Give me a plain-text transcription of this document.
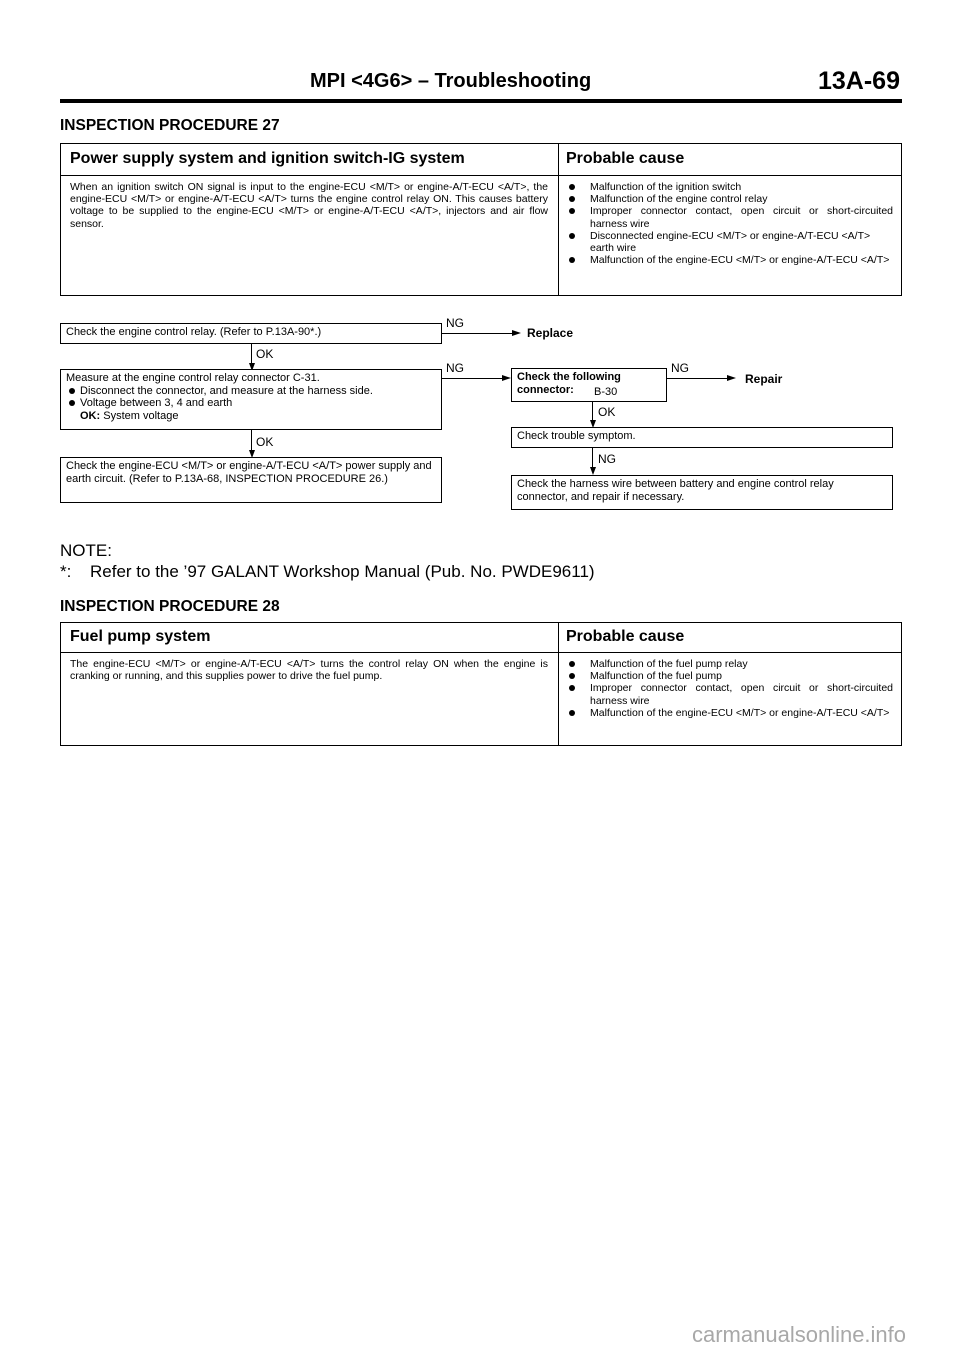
MPI <4G6> – Troubleshooting	13A-69
INSPECTION PROCEDURE 27
Power supply system and ignition switch-IG system	Probable cause
When an ignition switch ON signal is input to the engine-ECU <M/T> or engine-A/T-ECU <A/T>, the engine-ECU <M/T> or engine-A/T-ECU <A/T> turns the engine control relay ON. This causes battery voltage to be supplied to the engine-ECU <M/T> or engine-A/T-ECU <A/T>, injectors and air flow sensor.
Malfunction of the ignition switch
Malfunction of the engine control relay
Improper connector contact, open circuit or short-circuited harness wire
Disconnected engine-ECU <M/T> or engine-A/T-ECU <A/T> earth wire
Malfunction of the engine-ECU <M/T> or engine-A/T-ECU <A/T>
Check the engine control relay. (Refer to P.13A-90*.)
NG
Replace
OK
Measure at the engine control relay connector C-31.
Disconnect the connector, and measure at the harness side.
Voltage between 3, 4 and earth
OK: System voltage
NG
OK
Check the engine-ECU <M/T> or engine-A/T-ECU <A/T> power supply and earth circuit. (Refer to P.13A-68, INSPECTION PROCEDURE 26.)
Check the following connector:	B-30
NG
Repair
OK
Check trouble symptom.
NG
Check the harness wire between battery and engine control relay connector, and repair if necessary.
NOTE:
*: Refer to the ’97 GALANT Workshop Manual (Pub. No. PWDE9611)
INSPECTION PROCEDURE 28
Fuel pump system	Probable cause
The engine-ECU <M/T> or engine-A/T-ECU <A/T> turns the control relay ON when the engine is cranking or running, and this supplies power to drive the fuel pump.
Malfunction of the fuel pump relay
Malfunction of the fuel pump
Improper connector contact, open circuit or short-circuited harness wire
Malfunction of the engine-ECU <M/T> or engine-A/T-ECU <A/T>
carmanualsonline.info
